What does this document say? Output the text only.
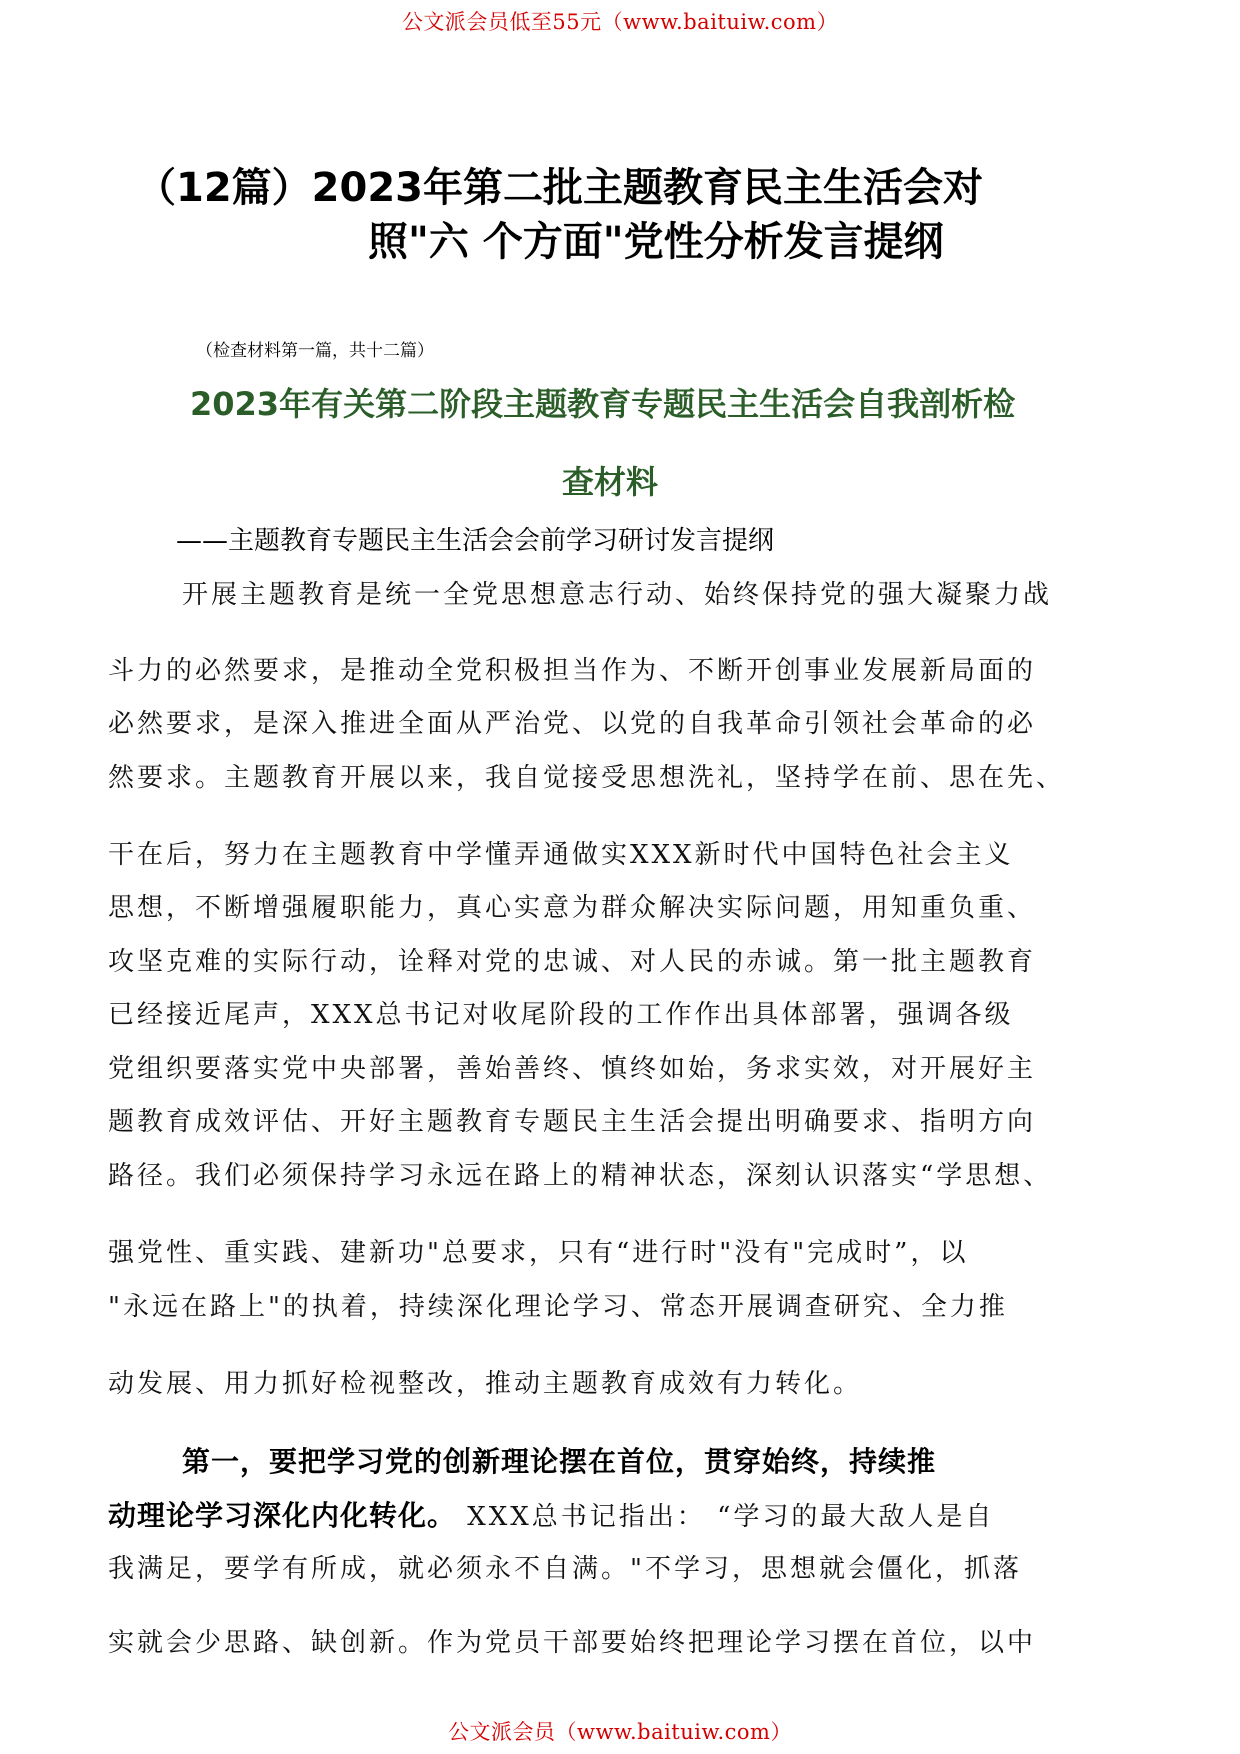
公文派会员低至55元（www.baituiw.com）
（12篇）2023年第二批主题教育民主生活会对
照"六 个方面"党性分析发言提纲
（检查材料第一篇，共十二篇）
2023年有关第二阶段主题教育专题民主生活会自我剖析检
查材料
——主题教育专题民主生活会会前学习研讨发言提纲
开展主题教育是统一全党思想意志行动、始终保持党的强大凝聚力战
斗力的必然要求，是推动全党积极担当作为、不断开创事业发展新局面的
必然要求，是深入推进全面从严治党、以党的自我革命引领社会革命的必
然要求。主题教育开展以来，我自觉接受思想洗礼，坚持学在前、思在先、
干在后，努力在主题教育中学懂弄通做实XXX新时代中国特色社会主义
思想，不断增强履职能力，真心实意为群众解决实际问题，用知重负重、
攻坚克难的实际行动，诠释对党的忠诚、对人民的赤诚。第一批主题教育
已经接近尾声，XXX总书记对收尾阶段的工作作出具体部署，强调各级
党组织要落实党中央部署，善始善终、慎终如始，务求实效，对开展好主
题教育成效评估、开好主题教育专题民主生活会提出明确要求、指明方向
路径。我们必须保持学习永远在路上的精神状态，深刻认识落实“学思想、
强党性、重实践、建新功"总要求，只有“进行时"没有"完成时”，以
"永远在路上"的执着，持续深化理论学习、常态开展调查研究、全力推
动发展、用力抓好检视整改，推动主题教育成效有力转化。
第一，要把学习党的创新理论摆在首位，贯穿始终，持续推
动理论学习深化内化转化。 XXX总书记指出： “学习的最大敌人是自
我满足，要学有所成，就必须永不自满。"不学习，思想就会僵化，抓落
实就会少思路、缺创新。作为党员干部要始终把理论学习摆在首位，以中
公文派会员（www.baituiw.com）
